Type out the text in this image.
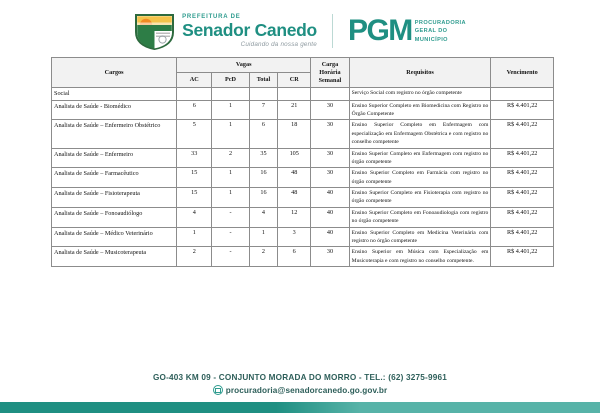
PREFEITURA DE
Senador Canedo
Cuidando da nossa gente PGM PROCURADORIA
GERAL DO
MUNICÍPIO
Cargos	Vagas				Carga Horária Semanal	Requisitos	Vencimento
	AC	PcD	Total	CR			
Social						Serviço Social com registro no órgão competente	
Analista de Saúde - Biomédico	6	1	7	21	30	Ensino Superior Completo em Biomedicina com Registro no Órgão Competente	R$ 4.401,22
Analista de Saúde – Enfermeiro Obstétrico	5	1	6	18	30	Ensino Superior Completo em Enfermagem com especialização em Enfermagem Obstétrica e com registro no conselho competente	R$ 4.401,22
Analista de Saúde – Enfermeiro	33	2	35	105	30	Ensino Superior Completo em Enfermagem com registro no órgão competente	R$ 4.401,22
Analista de Saúde – Farmacêutico	15	1	16	48	30	Ensino Superior Completo em Farmácia com registro no órgão competente	R$ 4.401,22
Analista de Saúde – Fisioterapeuta	15	1	16	48	40	Ensino Superior Completo em Fisioterapia com registro no órgão competente	R$ 4.401,22
Analista de Saúde – Fonoaudiólogo	4	-	4	12	40	Ensino Superior Completo em Fonoaudiologia com registro no órgão competente	R$ 4.401,22
Analista de Saúde – Médico Veterinário	1	-	1	3	40	Ensino Superior Completo em Medicina Veterinária com registro no órgão competente	R$ 4.401,22
Analista de Saúde – Musicoterapeuta	2	-	2	6	30	Ensino Superior em Música com Especialização em Musicoterapia e com registro no conselho competente.	R$ 4.401,22
GO-403 KM 09 - CONJUNTO MORADA DO MORRO - TEL.: (62) 3275-9961
procuradoria@senadorcanedo.go.gov.br
